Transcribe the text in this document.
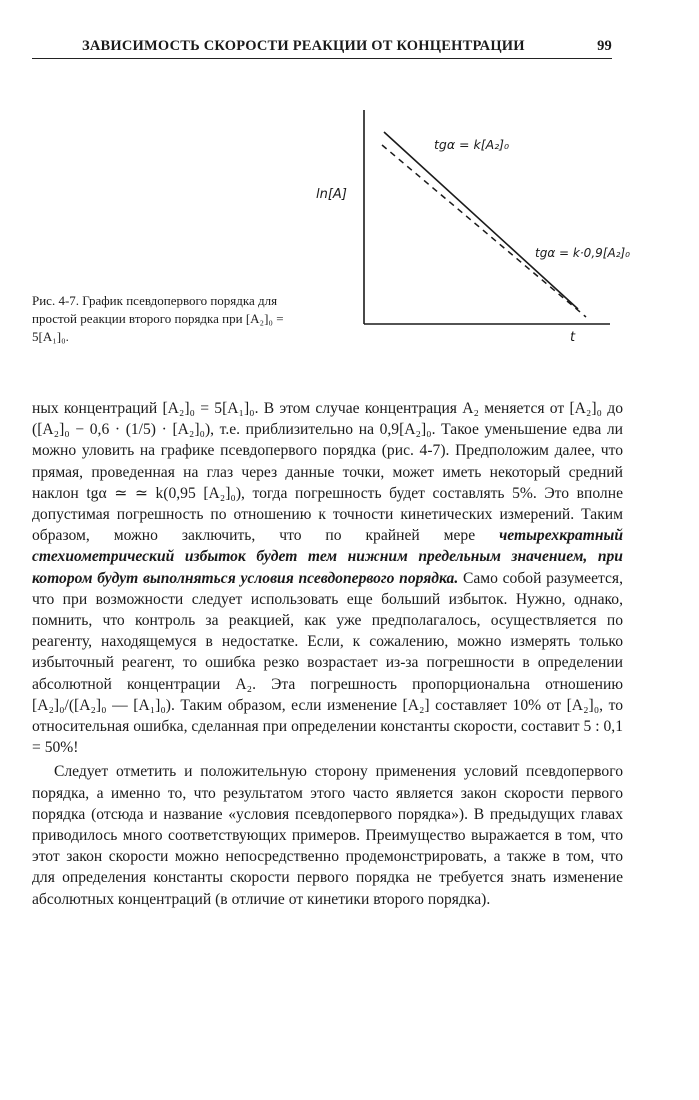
ЗАВИСИМОСТЬ СКОРОСТИ РЕАКЦИИ ОТ КОНЦЕНТРАЦИИ	99
ln[A]
t
tgα = k[A₂]₀
tgα = k·0,9[A₂]₀
Рис. 4-7. График псевдопервого порядка для простой реакции второго порядка при [A₂]₀ = 5[A₁]₀.

ных концентраций [A₂]₀ = 5[A₁]₀. В этом случае концентрация A₂ меняется от [A₂]₀ до ([A₂]₀ − 0,6 · (1/5) · [A₂]₀), т.е. приблизительно на 0,9[A₂]₀. Такое уменьшение едва ли можно уловить на графике псевдопервого порядка (рис. 4-7). Предположим далее, что прямая, проведенная на глаз через данные точки, может иметь некоторый средний наклон tgα ≃ ≃ k(0,95 [A₂]₀), тогда погрешность будет составлять 5%. Это вполне допустимая погрешность по отношению к точности кинетических измерений. Таким образом, можно заключить, что по крайней мере четырехкратный стехиометрический избыток будет тем нижним предельным значением, при котором будут выполняться условия псевдопервого порядка. Само собой разумеется, что при возможности следует использовать еще больший избыток. Нужно, однако, помнить, что контроль за реакцией, как уже предполагалось, осуществляется по реагенту, находящемуся в недостатке. Если, к сожалению, можно измерять только избыточный реагент, то ошибка резко возрастает из-за погрешности в определении абсолютной концентрации A₂. Эта погрешность пропорциональна отношению [A₂]₀/([A₂]₀ — [A₁]₀). Таким образом, если изменение [A₂] составляет 10% от [A₂]₀, то относительная ошибка, сделанная при определении константы скорости, составит 5 : 0,1 = 50%!

Следует отметить и положительную сторону применения условий псевдопервого порядка, а именно то, что результатом этого часто является закон скорости первого порядка (отсюда и название «условия псевдопервого порядка»). В предыдущих главах приводилось много соответствующих примеров. Преимущество выражается в том, что этот закон скорости можно непосредственно продемонстрировать, а также в том, что для определения константы скорости первого порядка не требуется знать изменение абсолютных концентраций (в отличие от кинетики второго порядка).
